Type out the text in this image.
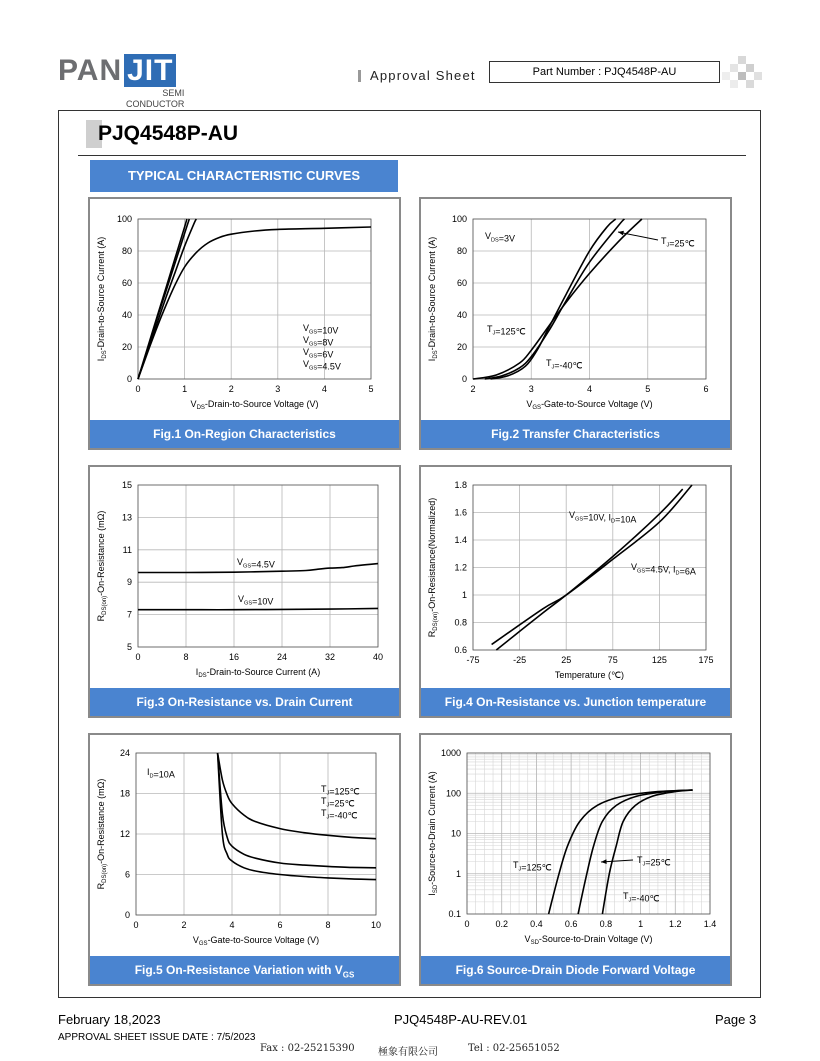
PAN JIT
SEMI
CONDUCTOR
Approval Sheet	Part Number : PJQ4548P-AU
PJQ4548P-AU
TYPICAL CHARACTERISTIC CURVES
0	1	2	3	4	5
0
20
40
60
80
100
$V_{DS}-Drain-to$-Source Voltage (V)
$I_{DS}-Drain-to$-Source Current (A)	$V_{GS}=10V$
$V_{GS}=8V$
$V_{GS}=6V$
$V_{GS}=4.5V$
Fig.1 On-Region Characteristics
2	3	4	5	6
0
20
40
60
80
100
$V_{GS}-Gate-to$-Source Voltage (V)
$I_{DS}-Drain-to$-Source Current (A)
$V_{DS}=3V$	$T_J=25℃$
$T_J=125℃$
$T_J=-40℃$
Fig.2 Transfer Characteristics
0	8	16	24	32	40
5
7
9
11
13
15
$I_{DS}-Drain-to$-Source Current (A)
$R_{DS(on)}-On$-Resistance (mΩ)	$V_{GS}=4.5V$
$V_{GS}=10V$
Fig.3 On-Resistance vs. Drain Current
-75	-25	25	75	125	175
0.6
0.8
1
1.2
1.4
1.6
1.8
Temperature (℃)
$R_{DS(on)}-On-Resistance(Normalized)$	$V_{GS}=10V$, $I_D=10A$
$V_{GS}=4.5V$, $I_D=6A$
Fig.4 On-Resistance vs. Junction temperature
0	2	4	6	8	10
0
6
12
18
24
$V_{GS}-Gate-to$-Source Voltage (V)
$R_{DS(on)}-On$-Resistance (mΩ)
$I_D=10A$
$T_J=125℃$
$T_J=25℃$
$T_J=-40℃$
Fig.5 On-Resistance Variation with $V_{GS}$
0	0.2 0.4 0.6 0.8	1	1.2 1.4
0.1
1
10
100
1000
$V_{SD}-Source-to$-Drain Voltage (V)
$I_{SD}-Source-to$-Drain Current (A)	$T_J=125℃$
$T_J=25℃$
$T_J=-40℃$
Fig.6 Source-Drain Diode Forward Voltage
February 18,2023	PJQ4548P-AU-REV.01	Page 3
APPROVAL SHEET ISSUE DATE : 7/5/2023
Fax : 02-25215390 極象有限公司	Tel : 02-25651052
